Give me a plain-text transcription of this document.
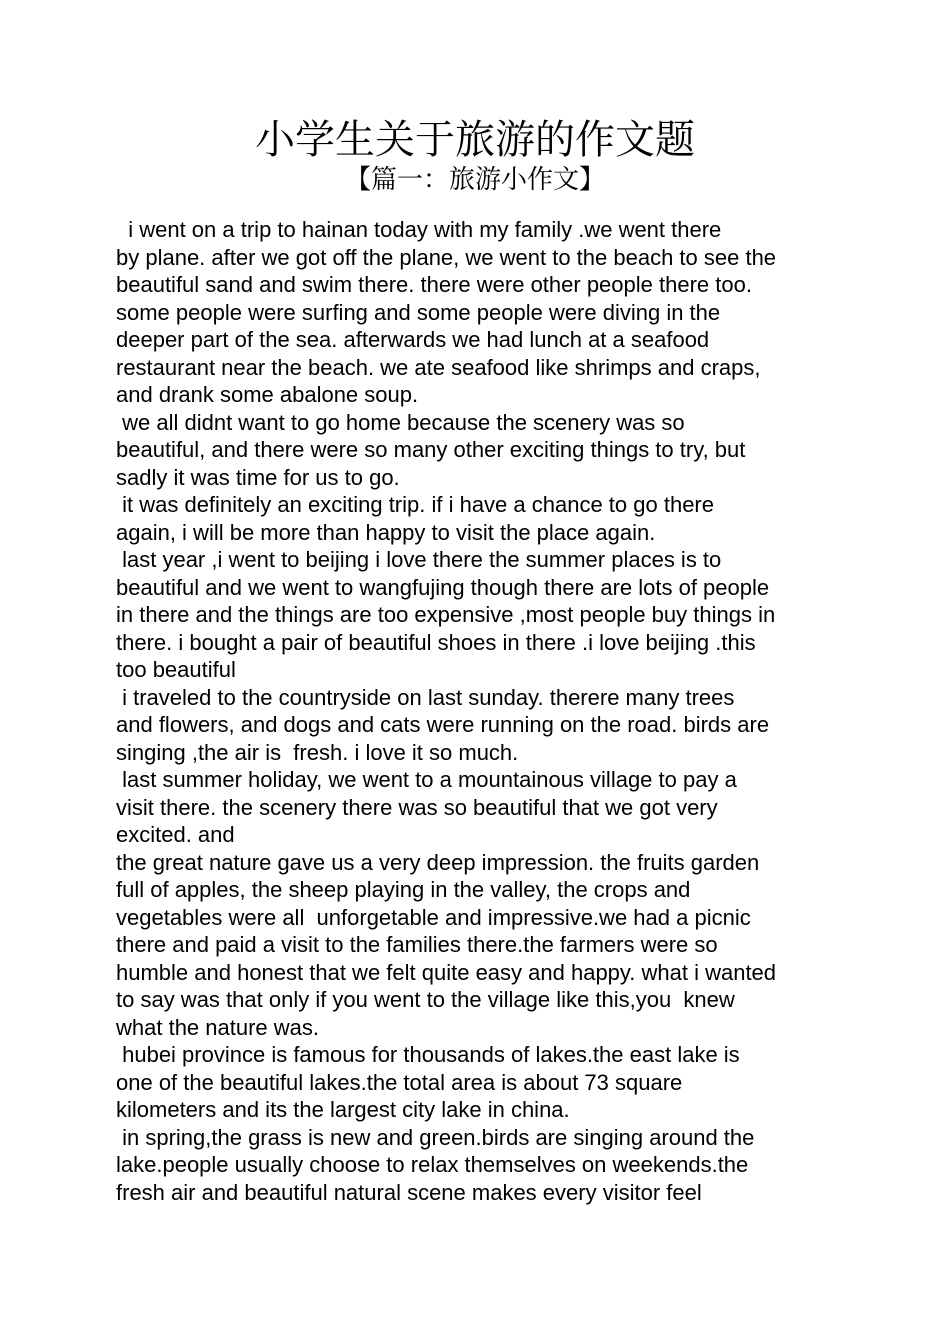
小学生关于旅游的作文题
【篇一：旅游小作文】
i went on a trip to hainan today with my family .we went there
by plane. after we got off the plane, we went to the beach to see the
beautiful sand and swim there. there were other people there too.
some people were surfing and some people were diving in the
deeper part of the sea. afterwards we had lunch at a seafood
restaurant near the beach. we ate seafood like shrimps and craps,
and drank some abalone soup.
we all didnt want to go home because the scenery was so
beautiful, and there were so many other exciting things to try, but
sadly it was time for us to go.
it was definitely an exciting trip. if i have a chance to go there
again, i will be more than happy to visit the place again.
last year ,i went to beijing i love there the summer places is to
beautiful and we went to wangfujing though there are lots of people
in there and the things are too expensive ,most people buy things in
there. i bought a pair of beautiful shoes in there .i love beijing .this
too beautiful
i traveled to the countryside on last sunday. therere many trees
and flowers, and dogs and cats were running on the road. birds are
singing ,the air is  fresh. i love it so much.
last summer holiday, we went to a mountainous village to pay a
visit there. the scenery there was so beautiful that we got very
excited. and
the great nature gave us a very deep impression. the fruits garden
full of apples, the sheep playing in the valley, the crops and
vegetables were all  unforgetable and impressive.we had a picnic
there and paid a visit to the families there.the farmers were so
humble and honest that we felt quite easy and happy. what i wanted
to say was that only if you went to the village like this,you  knew
what the nature was.
hubei province is famous for thousands of lakes.the east lake is
one of the beautiful lakes.the total area is about 73 square
kilometers and its the largest city lake in china.
in spring,the grass is new and green.birds are singing around the
lake.people usually choose to relax themselves on weekends.the
fresh air and beautiful natural scene makes every visitor feel
